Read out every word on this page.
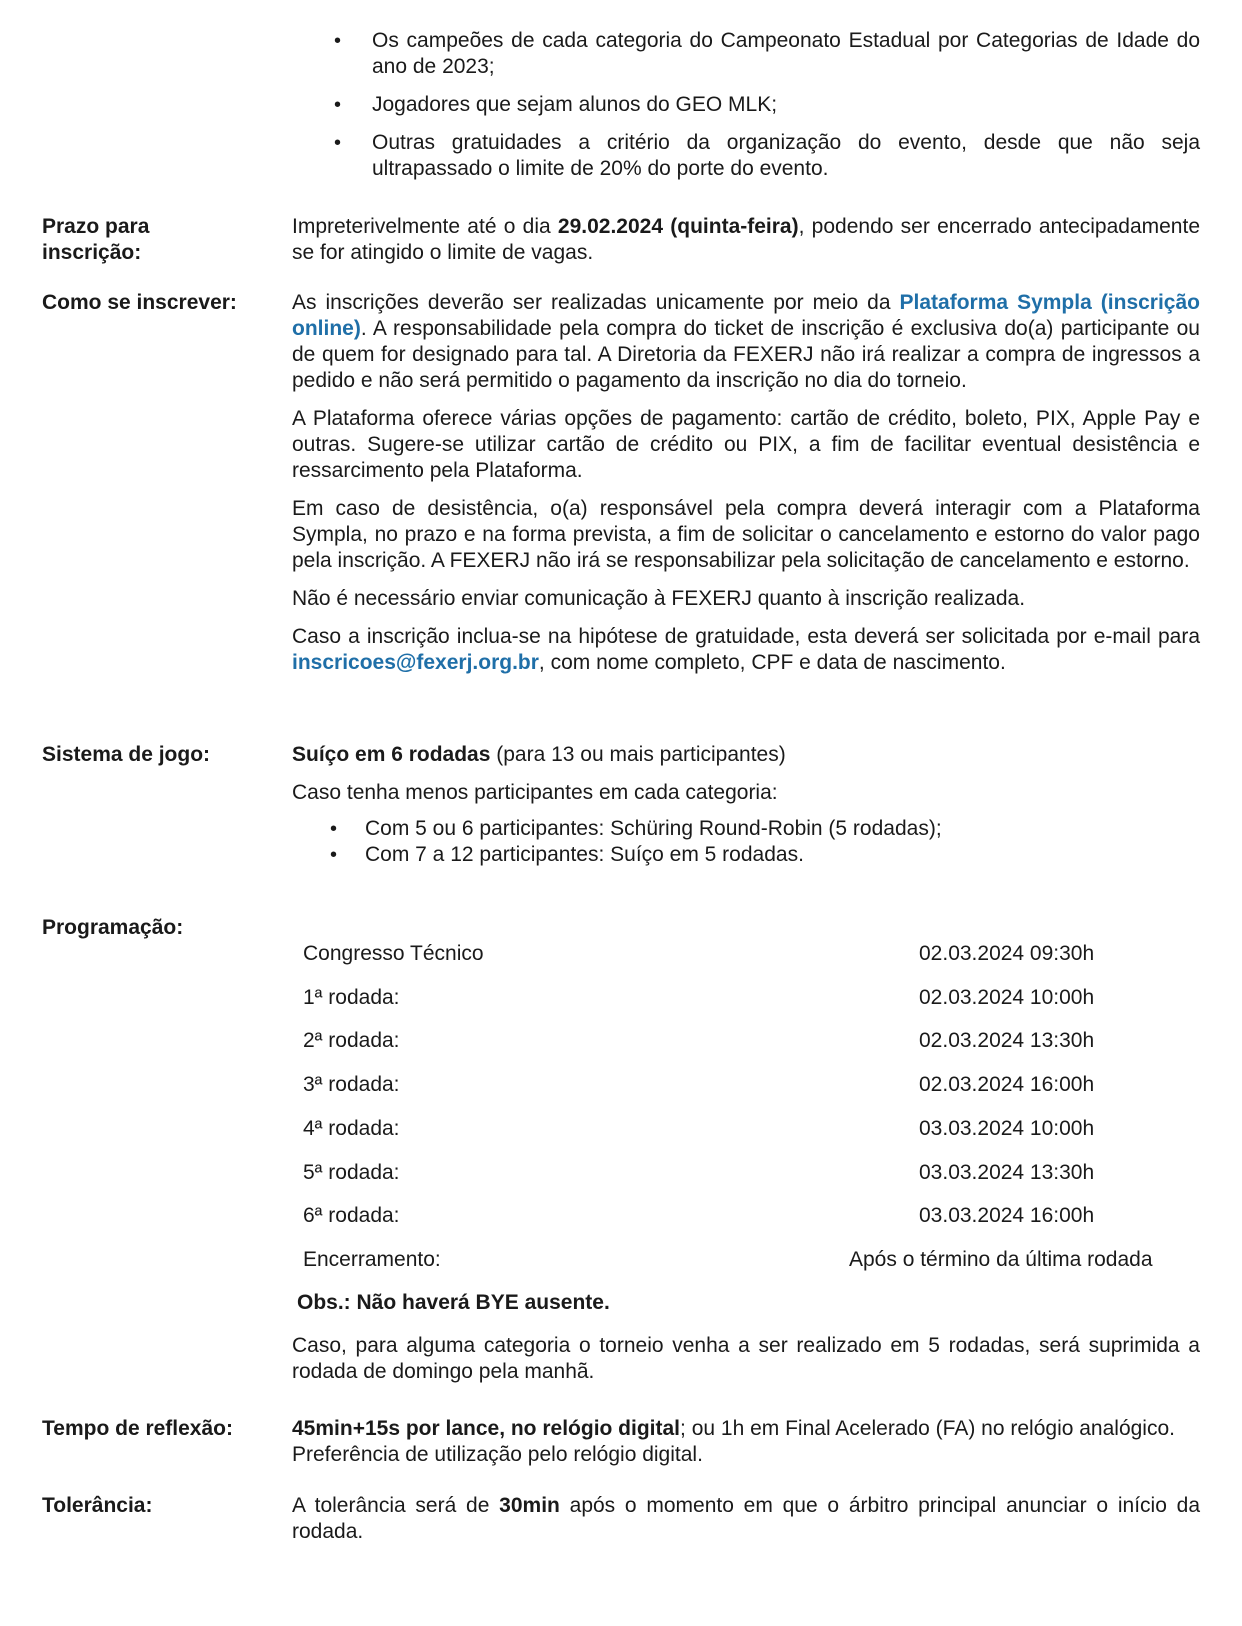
• Os campeões de cada categoria do Campeonato Estadual por Categorias de Idade do ano de 2023;
• Jogadores que sejam alunos do GEO MLK;
• Outras gratuidades a critério da organização do evento, desde que não seja ultrapassado o limite de 20% do porte do evento.
Prazo para
inscrição:
Impreterivelmente até o dia 29.02.2024 (quinta-feira), podendo ser encerrado antecipadamente se for atingido o limite de vagas.
Como se inscrever:	As inscrições deverão ser realizadas unicamente por meio da Plataforma Sympla (inscrição online). A responsabilidade pela compra do ticket de inscrição é exclusiva do(a) participante ou de quem for designado para tal. A Diretoria da FEXERJ não irá realizar a compra de ingressos a pedido e não será permitido o pagamento da inscrição no dia do torneio.

A Plataforma oferece várias opções de pagamento: cartão de crédito, boleto, PIX, Apple Pay e outras. Sugere-se utilizar cartão de crédito ou PIX, a fim de facilitar eventual desistência e ressarcimento pela Plataforma.

Em caso de desistência, o(a) responsável pela compra deverá interagir com a Plataforma Sympla, no prazo e na forma prevista, a fim de solicitar o cancelamento e estorno do valor pago pela inscrição. A FEXERJ não irá se responsabilizar pela solicitação de cancelamento e estorno.

Não é necessário enviar comunicação à FEXERJ quanto à inscrição realizada.

Caso a inscrição inclua-se na hipótese de gratuidade, esta deverá ser solicitada por e-mail para inscricoes@fexerj.org.br, com nome completo, CPF e data de nascimento.

Sistema de jogo:	Suíço em 6 rodadas (para 13 ou mais participantes)

Caso tenha menos participantes em cada categoria:

• Com 5 ou 6 participantes: Schüring Round-Robin (5 rodadas);
• Com 7 a 12 participantes: Suíço em 5 rodadas.
Programação:
Congresso Técnico	02.03.2024 09:30h
1ª rodada:	02.03.2024 10:00h
2ª rodada:	02.03.2024 13:30h
3ª rodada:	02.03.2024 16:00h
4ª rodada:	03.03.2024 10:00h
5ª rodada:	03.03.2024 13:30h
6ª rodada:	03.03.2024 16:00h
Encerramento:	Após o término da última rodada
Obs.: Não haverá BYE ausente.
Caso, para alguma categoria o torneio venha a ser realizado em 5 rodadas, será suprimida a rodada de domingo pela manhã.
Tempo de reflexão:	45min+15s por lance, no relógio digital; ou 1h em Final Acelerado (FA) no relógio analógico. Preferência de utilização pelo relógio digital.
Tolerância:	A tolerância será de 30min após o momento em que o árbitro principal anunciar o início da rodada.
